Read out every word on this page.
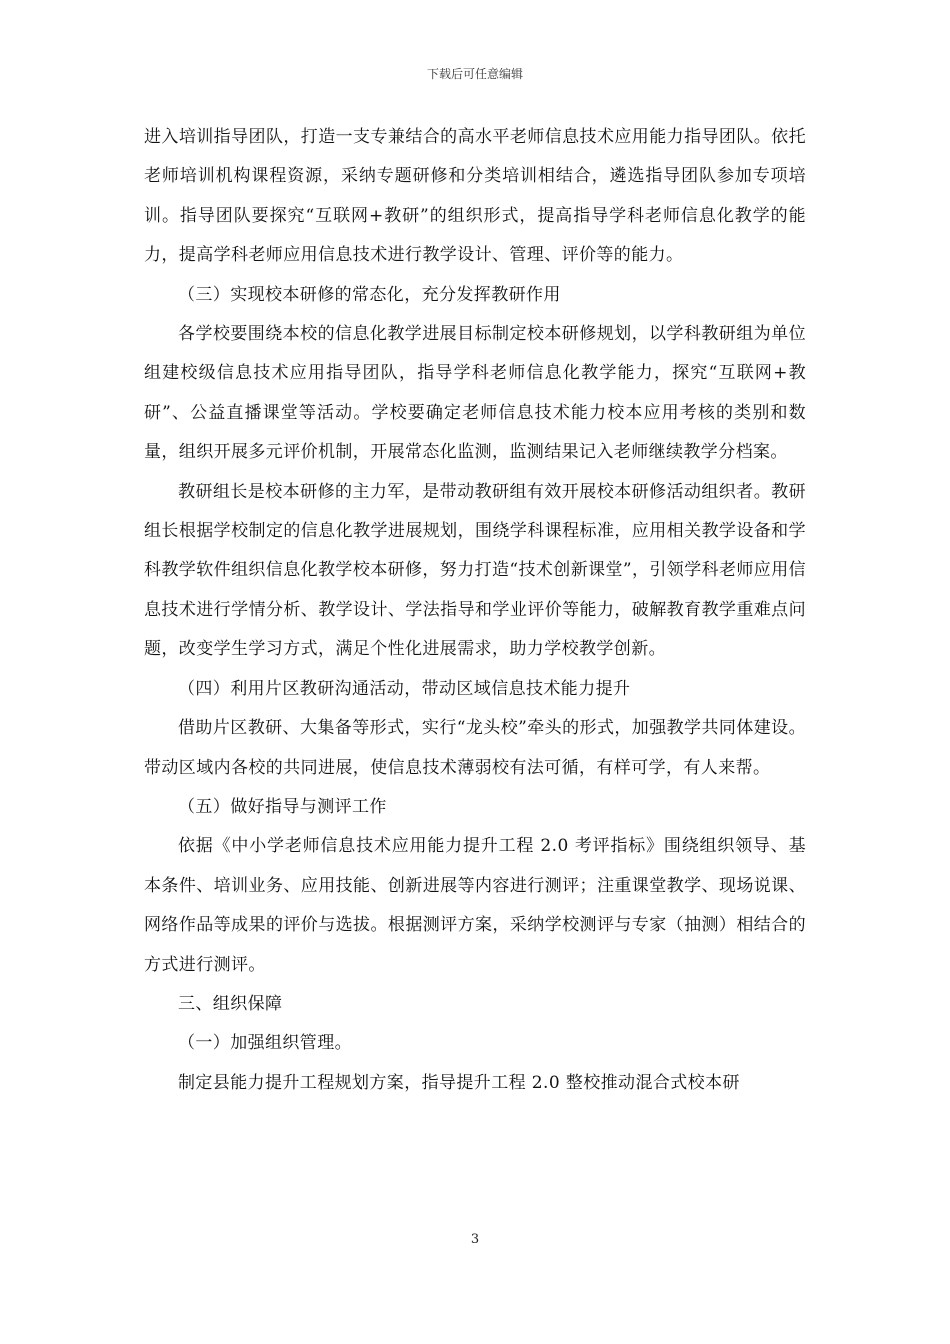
下载后可任意编辑

进入培训指导团队，打造一支专兼结合的高水平老师信息技术应用能力指导团队。依托老师培训机构课程资源，采纳专题研修和分类培训相结合，遴选指导团队参加专项培训。指导团队要探究“互联网+教研”的组织形式，提高指导学科老师信息化教学的能力，提高学科老师应用信息技术进行教学设计、管理、评价等的能力。

（三）实现校本研修的常态化，充分发挥教研作用

各学校要围绕本校的信息化教学进展目标制定校本研修规划，以学科教研组为单位组建校级信息技术应用指导团队，指导学科老师信息化教学能力，探究“互联网+教研”、公益直播课堂等活动。学校要确定老师信息技术能力校本应用考核的类别和数量，组织开展多元评价机制，开展常态化监测，监测结果记入老师继续教学分档案。

教研组长是校本研修的主力军，是带动教研组有效开展校本研修活动组织者。教研组长根据学校制定的信息化教学进展规划，围绕学科课程标准，应用相关教学设备和学科教学软件组织信息化教学校本研修，努力打造“技术创新课堂”，引领学科老师应用信息技术进行学情分析、教学设计、学法指导和学业评价等能力，破解教育教学重难点问题，改变学生学习方式，满足个性化进展需求，助力学校教学创新。

（四）利用片区教研沟通活动，带动区域信息技术能力提升

借助片区教研、大集备等形式，实行“龙头校”牵头的形式，加强教学共同体建设。带动区域内各校的共同进展，使信息技术薄弱校有法可循，有样可学，有人来帮。

（五）做好指导与测评工作

依据《中小学老师信息技术应用能力提升工程 2.0 考评指标》围绕组织领导、基本条件、培训业务、应用技能、创新进展等内容进行测评；注重课堂教学、现场说课、网络作品等成果的评价与选拔。根据测评方案，采纳学校测评与专家（抽测）相结合的方式进行测评。

三、组织保障

（一）加强组织管理。

制定县能力提升工程规划方案，指导提升工程 2.0 整校推动混合式校本研

3
